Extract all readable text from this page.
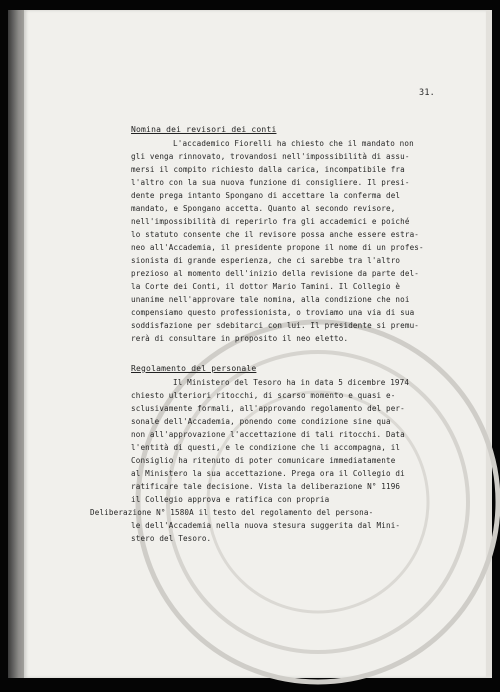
31.
Nomina dei revisori dei conti
L'accademico Fiorelli ha chiesto che il mandato non
gli venga rinnovato, trovandosi nell'impossibilità di assu-
mersi il compito richiesto dalla carica, incompatibile fra
l'altro con la sua nuova funzione di consigliere. Il presi-
dente prega intanto Spongano di accettare la conferma del
mandato, e Spongano accetta. Quanto al secondo revisore,
nell'impossibilità di reperirlo fra gli accademici e poiché
lo statuto consente che il revisore possa anche essere estra-
neo all'Accademia, il presidente propone il nome di un profes-
sionista di grande esperienza, che ci sarebbe tra l'altro
prezioso al momento dell'inizio della revisione da parte del-
la Corte dei Conti, il dottor Mario Tamini. Il Collegio è
unanime nell'approvare tale nomina, alla condizione che noi
compensiamo questo professionista, o troviamo una via di sua
soddisfazione per sdebitarci con lui. Il presidente si premu-
rerà di consultare in proposito il neo eletto.
Regolamento del personale
Il Ministero del Tesoro ha in data 5 dicembre 1974
chiesto ulteriori ritocchi, di scarso momento e quasi e-
sclusivamente formali, all'approvando regolamento del per-
sonale dell'Accademia, ponendo come condizione sine qua
non all'approvazione l'accettazione di tali ritocchi. Data
l'entità di questi, e le condizione che li accompagna, il
Consiglio ha ritenuto di poter comunicare immediatamente
al Ministero la sua accettazione. Prega ora il Collegio di
ratificare tale decisione. Vista la deliberazione N° 1196
il Collegio approva e ratifica con propria
Deliberazione N° 1580A il testo del regolamento del persona-
le dell'Accademia nella nuova stesura suggerita dal Mini-
stero del Tesoro.
